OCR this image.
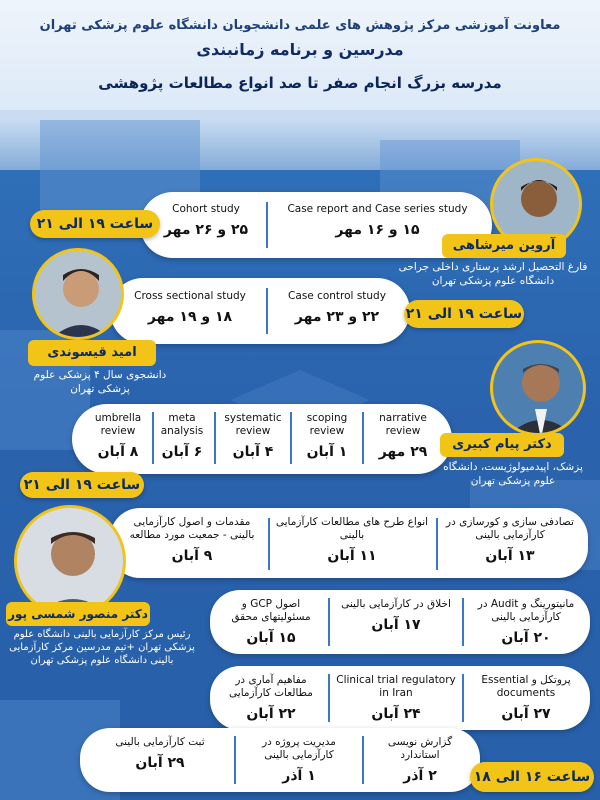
معاونت آموزشی مرکز پژوهش های علمی دانشجویان دانشگاه علوم پزشکی تهران
مدرسین و برنامه زمانبندی
مدرسه بزرگ انجام صفر تا صد انواع مطالعات پژوهشی
Cohort study
۲۵ و ۲۶ مهر
Case report and Case series study
۱۵ و ۱۶ مهر
ساعت ۱۹ الی ۲۱
آروین میرشاهی
فارغ التحصیل ارشد پرستاری داخلی جراحی دانشگاه علوم پزشکی تهران
Cross sectional study
۱۸ و ۱۹ مهر
Case control study
۲۲ و ۲۳ مهر	ساعت ۱۹ الی ۲۱
امید قیسوندی
دانشجوی سال ۴ پزشکی علوم پزشکی تهران
umbrella review
۸ آبان
meta analysis
۶ آبان
systematic review
۴ آبان
scoping review
۱ آبان
narrative review
۲۹ مهر
ساعت ۱۹ الی ۲۱
دکتر پیام کبیری
پزشک، اپیدمیولوژیست، دانشگاه علوم پزشکی تهران
تصادفی سازی و کورسازی در کارآزمایی بالینی
۱۳ آبان
انواع طرح های مطالعات کارآزمایی بالینی
۱۱ آبان
مقدمات و اصول کارآزمایی بالینی - جمعیت مورد مطالعه
۹ آبان
مانیتورینگ و Audit در کارآزمایی بالینی
۲۰ آبان
اخلاق در کارآزمایی بالینی
۱۷ آبان
اصول GCP و مسئولیتهای محقق
۱۵ آبان
پروتکل و Essential documents
۲۷ آبان
Clinical trial regulatory in Iran
۲۴ آبان
مفاهیم آماری در مطالعات کارآزمایی
۲۲ آبان
گزارش نویسی استاندارد
۲ آذر
مدیریت پروژه در کارآزمایی بالینی
۱ آذر
ثبت کارآزمایی بالینی
۲۹ آبان
ساعت ۱۶ الی ۱۸
دکتر منصور شمسی پور
رئیس مرکز کارآزمایی بالینی دانشگاه علوم پزشکی تهران +تیم مدرسین مرکز کارآزمایی بالینی دانشگاه علوم پزشکی تهران
